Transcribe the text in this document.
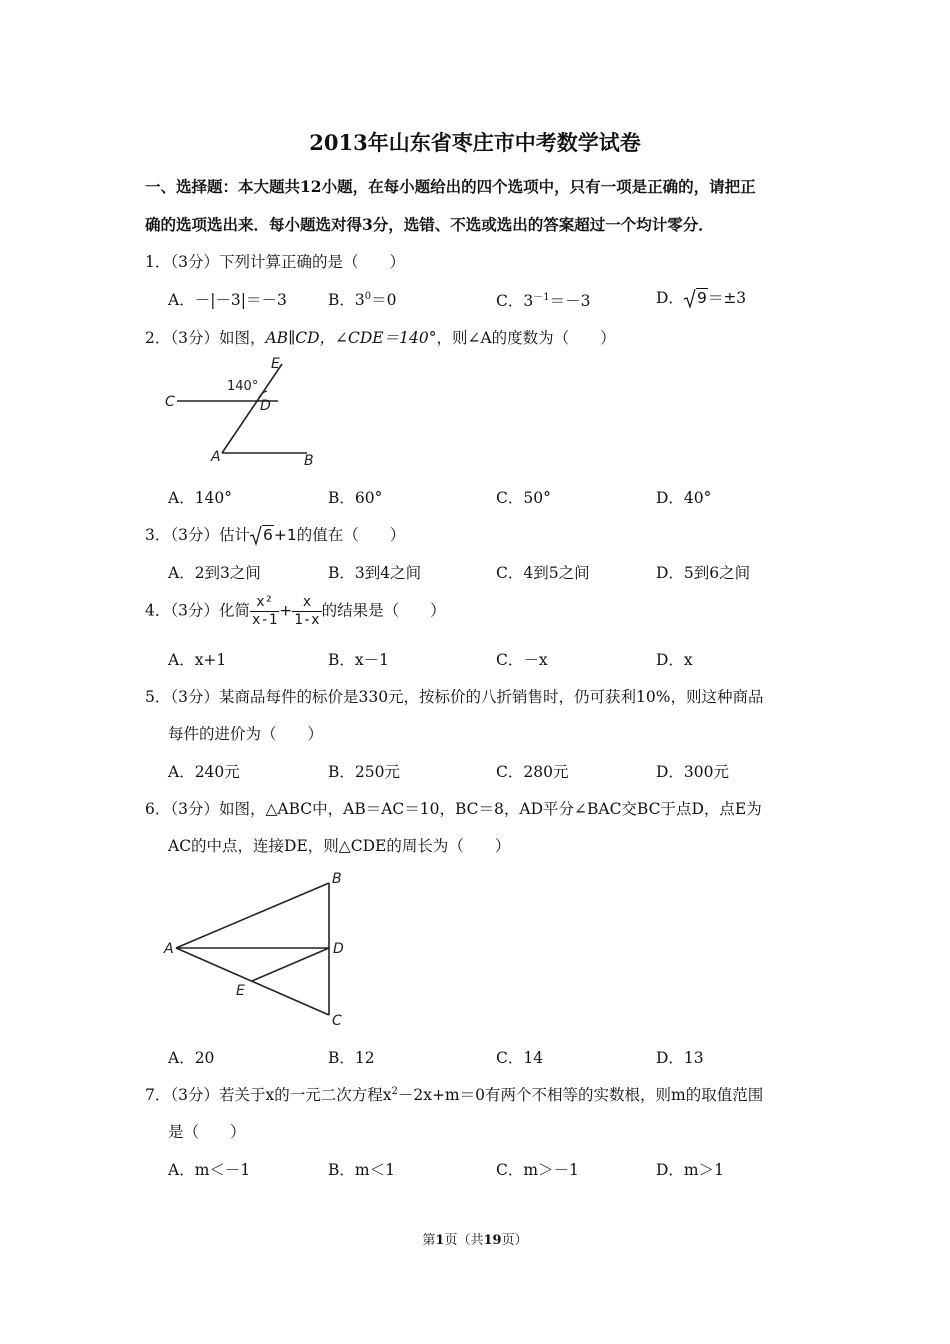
2013年山东省枣庄市中考数学试卷
一、选择题：本大题共12小题，在每小题给出的四个选项中，只有一项是正确的，请把正
确的选项选出来．每小题选对得3分，选错、不选或选出的答案超过一个均计零分．
1．（3分）下列计算正确的是（　　）
A．－|－3|＝－3	B．$3^0=0$	C．$3^{-1}=-3$	D． 9＝±3
2．（3分）如图，AB∥CD，∠CDE＝140°，则∠A的度数为（　　）
140°
C	D
E
A	B
A．140°	B．60°	C．50°	D．40°
3．（3分）估计 6+1的值在（　　）
A．2到3之间	B．3到4之间	C．4到5之间	D．5到6之间
4．（3分）化简 $\frac{\text{x²}}{x-1} + \frac{x}{1-x}$ 的结果是（　　）
A．x+1	B．x－1	C．－x	D．x
5．（3分）某商品每件的标价是330元，按标价的八折销售时，仍可获利10%，则这种商品
每件的进价为（　　）
A．240元	B．250元	C．280元	D．300元
6．（3分）如图，△ABC中，AB＝AC＝10，BC＝8，AD平分∠BAC交BC于点D，点E为
AC的中点，连接DE，则△CDE的周长为（　　）
A
B
D
E
C
A．20	B．12	C．14	D．13
7．（3分）若关于x的一元二次方程$x^2-2x+m=0$有两个不相等的实数根，则m的取值范围
是（　　）
A．m＜－1	B．m＜1	C．m＞－1	D．m＞1
第1页（共19页）
